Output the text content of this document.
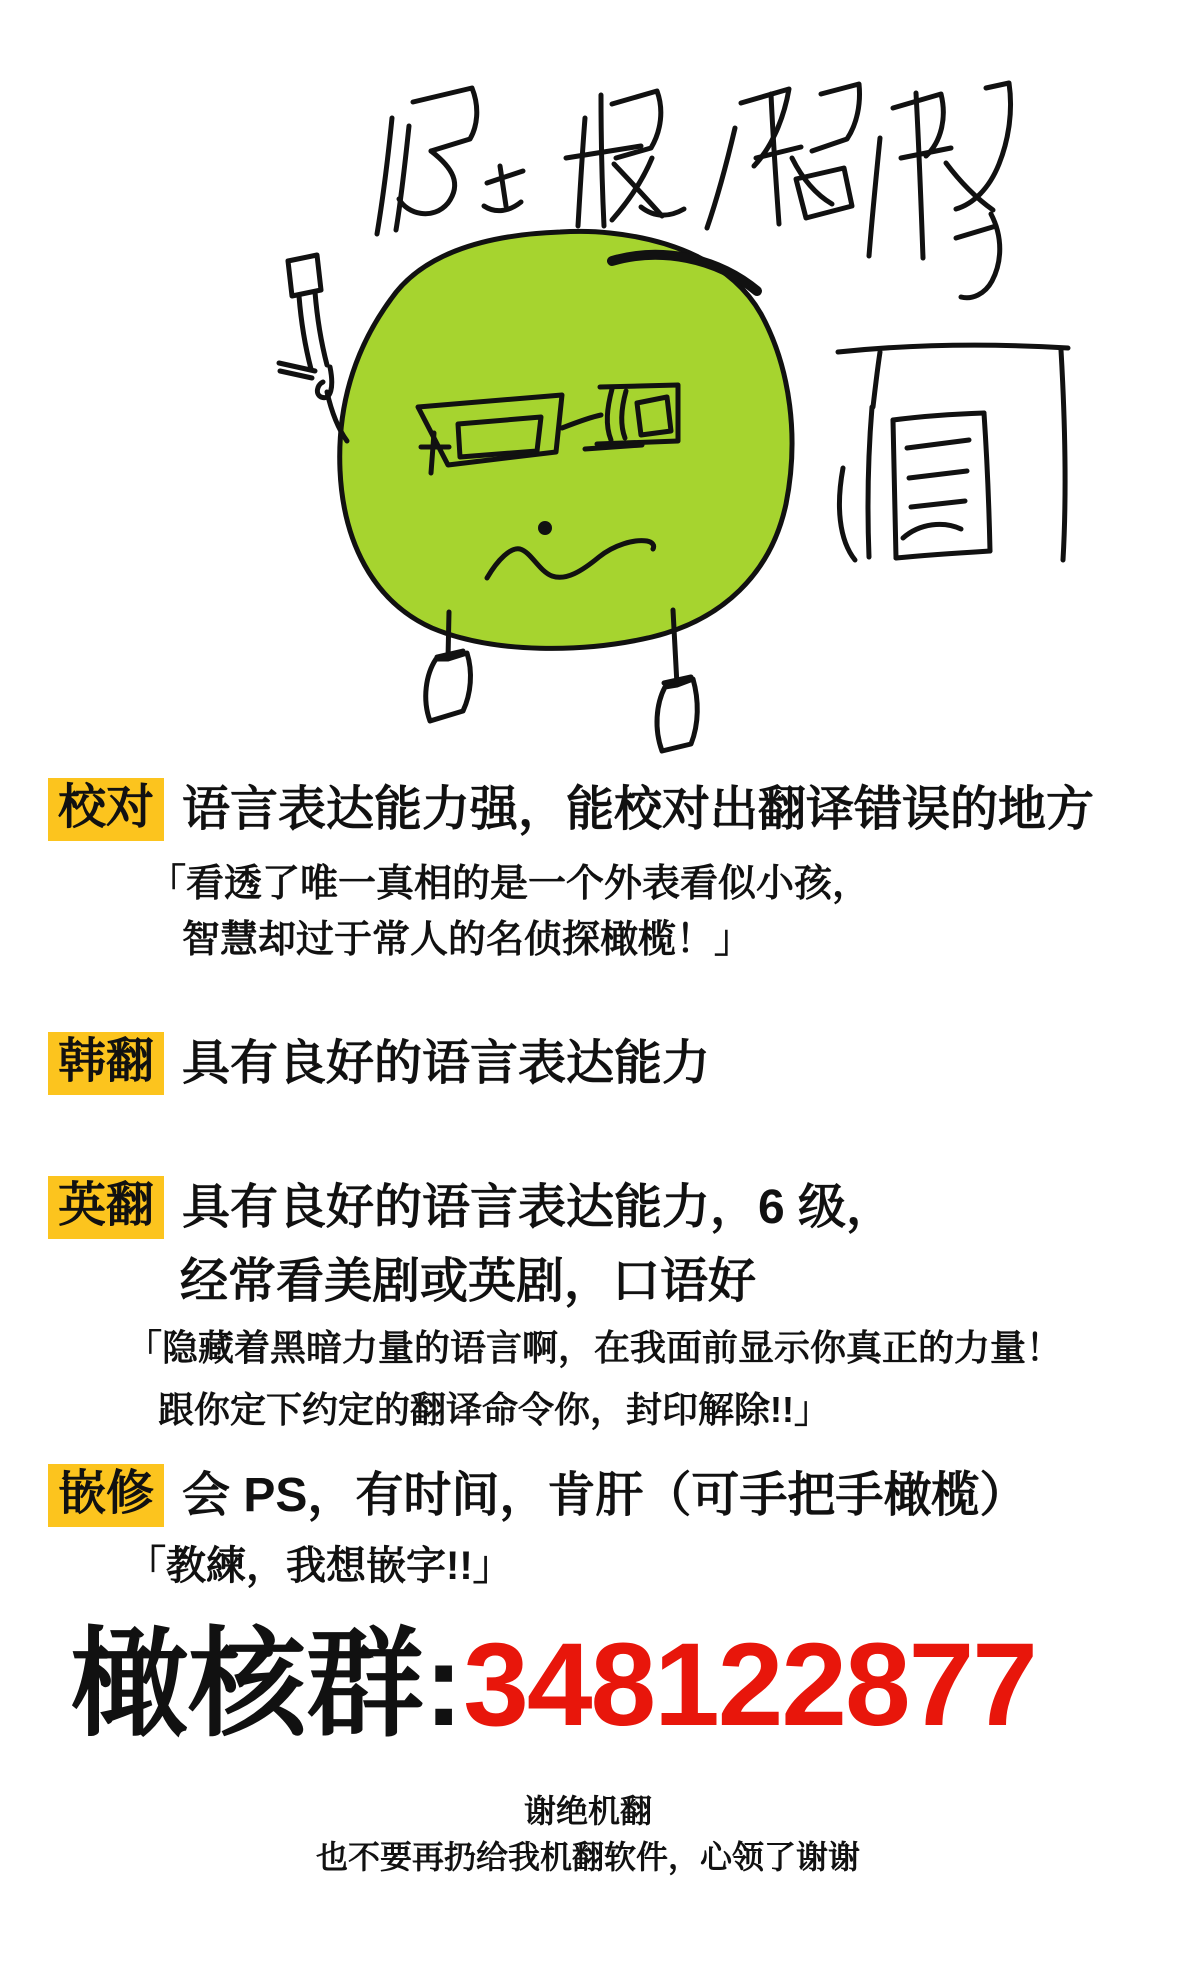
校对 语言表达能力强，能校对出翻译错误的地方
「看透了唯一真相的是一个外表看似小孩，
智慧却过于常人的名侦探橄榄！」
韩翻 具有良好的语言表达能力
英翻 具有良好的语言表达能力，6 级，
经常看美剧或英剧，口语好
「隐藏着黑暗力量的语言啊，在我面前显示你真正的力量！
跟你定下约定的翻译命令你，封印解除!!」
嵌修 会 PS，有时间，肯肝（可手把手橄榄）
「教練，我想嵌字!!」
橄核群:348122877
谢绝机翻
也不要再扔给我机翻软件，心领了谢谢
